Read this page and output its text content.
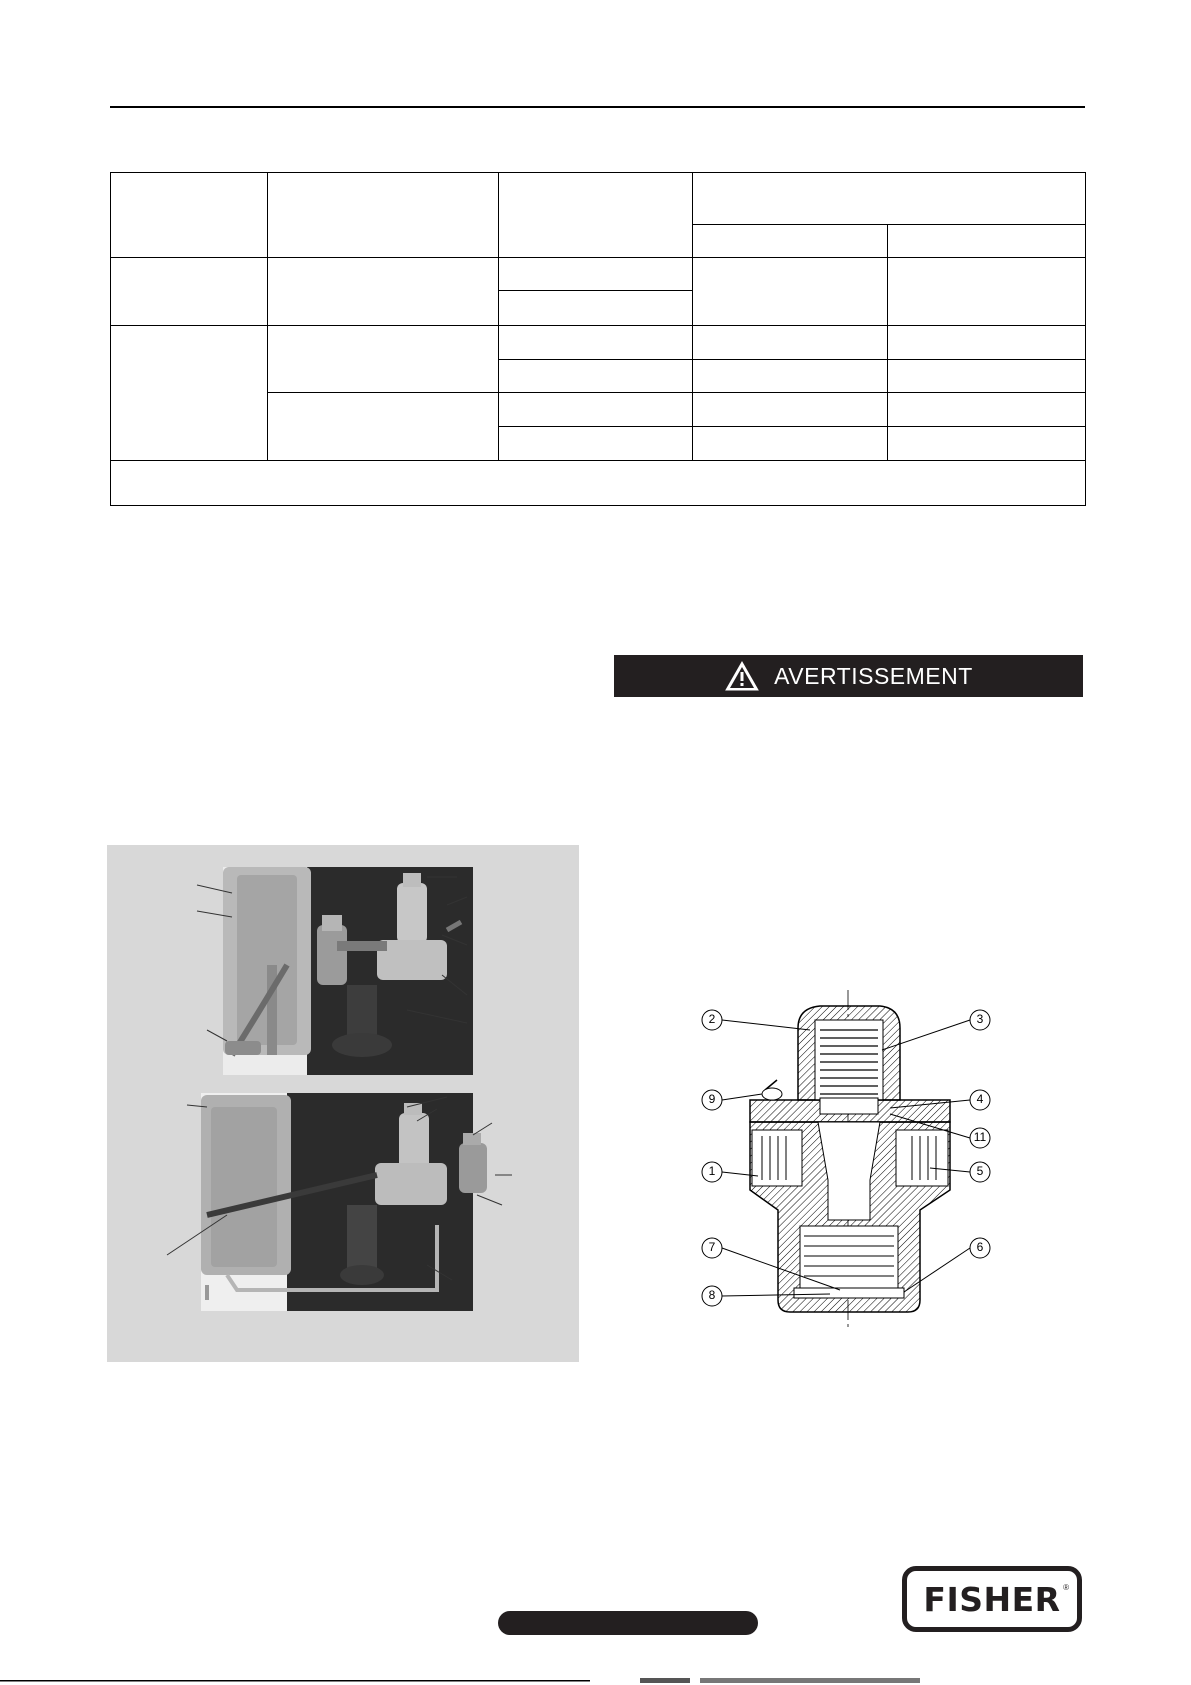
AVERTISSEMENT
2	3
9	4
11
1	5
7	6
8
FISHER ®
